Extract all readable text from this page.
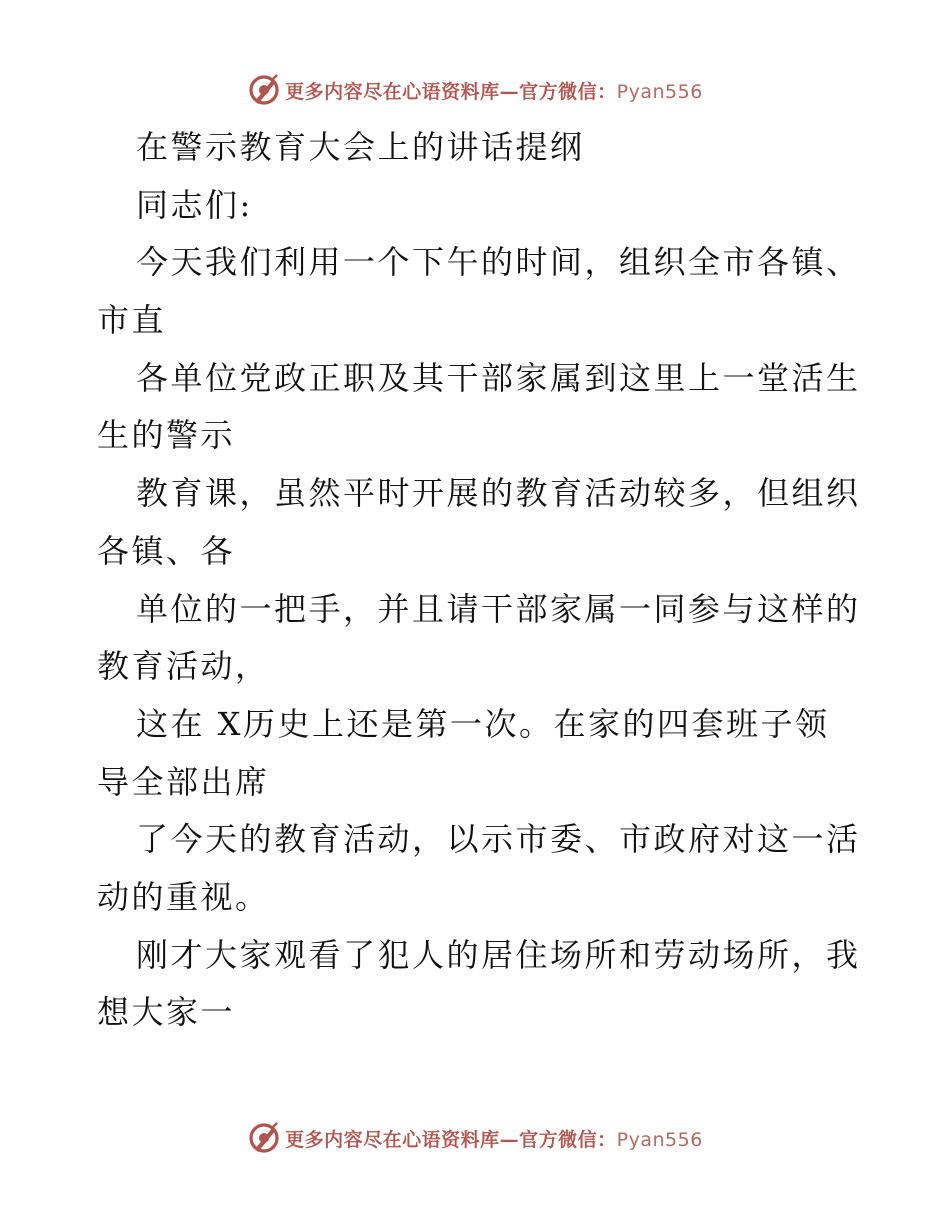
更多内容尽在心语资料库—官方微信：Pyan556
在警示教育大会上的讲话提纲
同志们:
今天我们利用一个下午的时间，组织全市各镇、
市直
各单位党政正职及其干部家属到这里上一堂活生
生的警示
教育课，虽然平时开展的教育活动较多，但组织
各镇、各
单位的一把手，并且请干部家属一同参与这样的
教育活动，
这在 X历史上还是第一次。在家的四套班子领
导全部出席
了今天的教育活动，以示市委、市政府对这一活
动的重视。
刚才大家观看了犯人的居住场所和劳动场所，我
想大家一
更多内容尽在心语资料库—官方微信：Pyan556
